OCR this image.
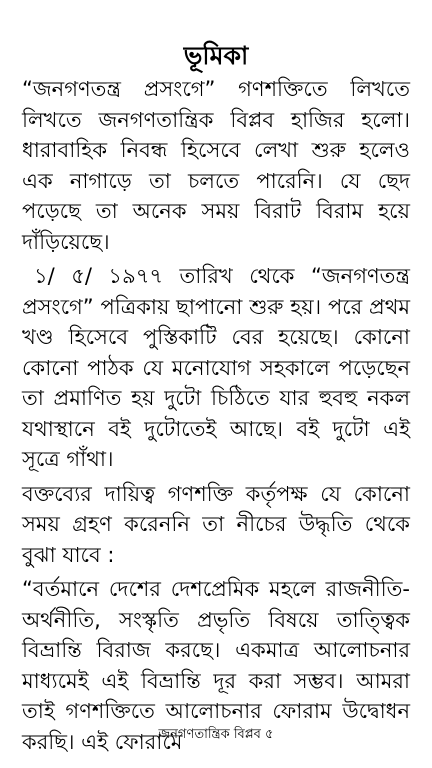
ভূমিকা

“জনগণতন্ত্র প্রসংগে” গণশক্তিতে লিখতে লিখতে জনগণতান্ত্রিক বিপ্লব হাজির হলো। ধারাবাহিক নিবন্ধ হিসেবে লেখা শুরু হলেও এক নাগাড়ে তা চলতে পারেনি। যে ছেদ পড়েছে তা অনেক সময় বিরাট বিরাম হয়ে দাঁড়িয়েছে।

১/ ৫/ ১৯৭৭ তারিখ থেকে “জনগণতন্ত্র প্রসংগে” পত্রিকায় ছাপানো শুরু হয়। পরে প্রথম খণ্ড হিসেবে পুস্তিকাটি বের হয়েছে। কোনো কোনো পাঠক যে মনোযোগ সহকালে পড়েছেন তা প্রমাণিত হয় দুটো চিঠিতে যার হুবহু নকল যথাস্থানে বই দুটোতেই আছে। বই দুটো এই সূত্রে গাঁথা।

বক্তব্যের দায়িত্ব গণশক্তি কর্তৃপক্ষ যে কোনো সময় গ্রহণ করেননি তা নীচের উদ্ধৃতি থেকে বুঝা যাবে :

“বর্তমানে দেশের দেশপ্রেমিক মহলে রাজনীতি- অর্থনীতি, সংস্কৃতি প্রভৃতি বিষয়ে তাত্ত্বিক বিভ্রান্তি বিরাজ করছে। একমাত্র আলোচনার মাধ্যমেই এই বিভ্রান্তি দূর করা সম্ভব। আমরা তাই গণশক্তিতে আলোচনার ফোরাম উদ্বোধন করছি। এই ফোরামে

জনগণতান্ত্রিক বিপ্লব ৫
